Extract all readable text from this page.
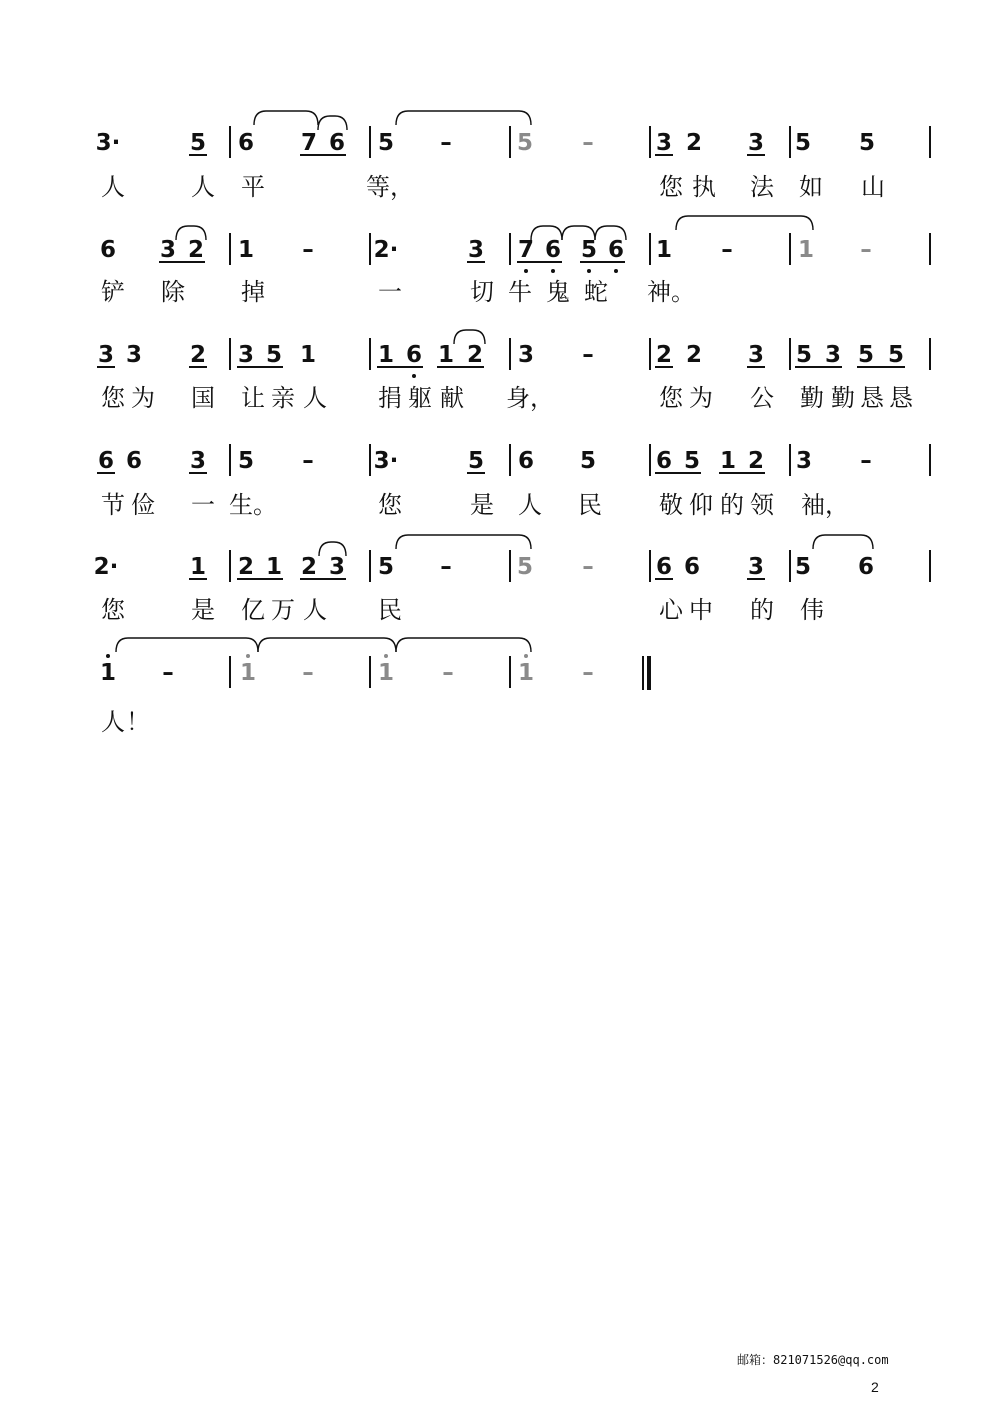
3·	5 6 7 6 5 –	5 –	3 2 3 5 5
6 3 2 1 –	2·	3 7 6 5 6 1 –	1 –
3 3 2 3 5 1	1 6 1 2 3 –	2 2 3 5 3 5 5
6 6 3 5 –	3·	5 6 5	6 5 1 2 3 –
2·	1 2 1 2 3 5 –	5 –	6 6 3 5 6
1 –	1 –	1 –	1 –
人	人 平	等，	您 执 法 如 山
铲 除 掉	一	切 牛 鬼 蛇 神。
您 为 国 让 亲 人 捐 躯 献 身，	您 为 公 勤 勤 恳 恳
节 俭 一 生。	您	是 人 民 敬 仰 的 领 袖，
您	是 亿 万 人 民	心 中 的 伟
人 ！
邮箱：821071526@qq.com
2
